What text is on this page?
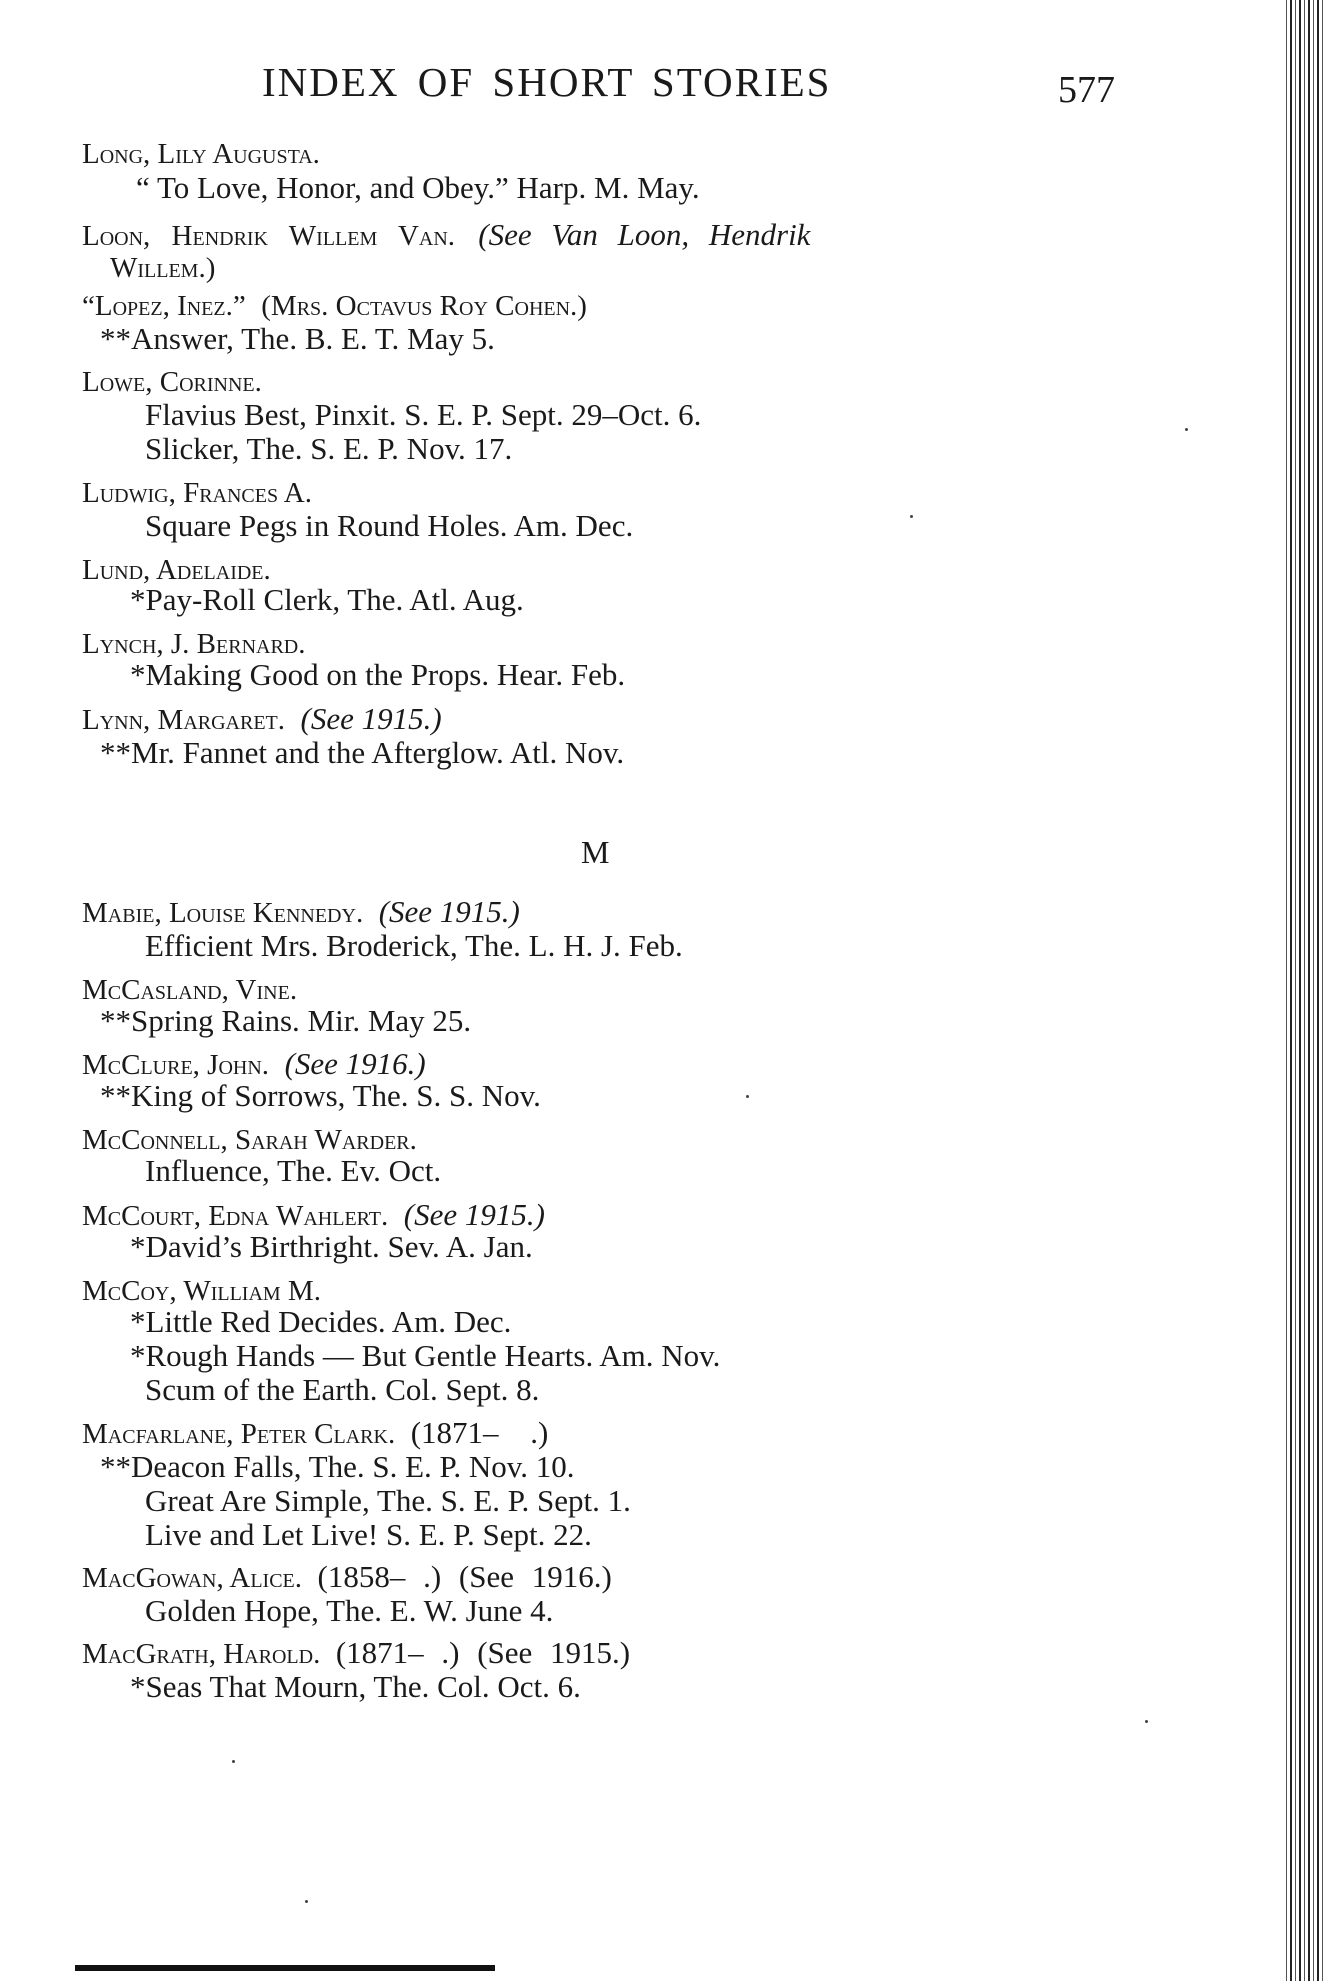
INDEX OF SHORT STORIES	577
Long, Lily Augusta.
“ To Love, Honor, and Obey.” Harp. M. May.
Loon, Hendrik Willem Van. (See Van Loon, Hendrik
Willem.)
“Lopez, Inez.” (Mrs. Octavus Roy Cohen.)
**Answer, The. B. E. T. May 5.
Lowe, Corinne.
Flavius Best, Pinxit. S. E. P. Sept. 29–Oct. 6.
Slicker, The. S. E. P. Nov. 17.
Ludwig, Frances A.
Square Pegs in Round Holes. Am. Dec.
Lund, Adelaide.
*Pay-Roll Clerk, The. Atl. Aug.
Lynch, J. Bernard.
*Making Good on the Props. Hear. Feb.
Lynn, Margaret. (See 1915.)
**Mr. Fannet and the Afterglow. Atl. Nov.
M
Mabie, Louise Kennedy. (See 1915.)
Efficient Mrs. Broderick, The. L. H. J. Feb.
McCasland, Vine.
**Spring Rains. Mir. May 25.
McClure, John. (See 1916.)
**King of Sorrows, The. S. S. Nov.
McConnell, Sarah Warder.
Influence, The. Ev. Oct.
McCourt, Edna Wahlert. (See 1915.)
*David’s Birthright. Sev. A. Jan.
McCoy, William M.
*Little Red Decides. Am. Dec.
*Rough Hands — But Gentle Hearts. Am. Nov.
Scum of the Earth. Col. Sept. 8.
Macfarlane, Peter Clark. (1871– .)
**Deacon Falls, The. S. E. P. Nov. 10.
Great Are Simple, The. S. E. P. Sept. 1.
Live and Let Live! S. E. P. Sept. 22.
MacGowan, Alice. (1858– .) (See 1916.)
Golden Hope, The. E. W. June 4.
MacGrath, Harold. (1871– .) (See 1915.)
*Seas That Mourn, The. Col. Oct. 6.
